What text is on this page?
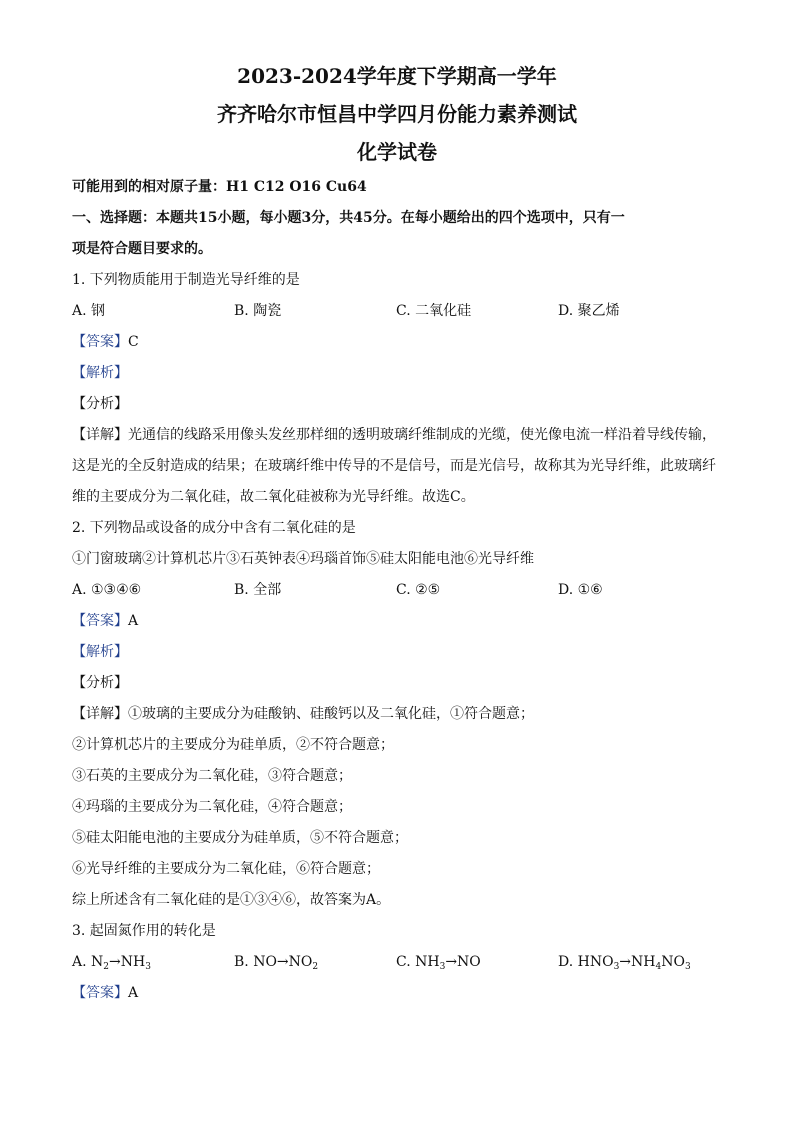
2023-2024学年度下学期高一学年

齐齐哈尔市恒昌中学四月份能力素养测试

化学试卷

可能用到的相对原子量：H1 C12 O16 Cu64

一、选择题：本题共15小题，每小题3分，共45分。在每小题给出的四个选项中，只有一

项是符合题目要求的。

1. 下列物质能用于制造光导纤维的是

A. 钢	B. 陶瓷	C. 二氧化硅	D. 聚乙烯

【答案】C

【解析】

【分析】

【详解】光通信的线路采用像头发丝那样细的透明玻璃纤维制成的光缆，使光像电流一样沿着导线传输，

这是光的全反射造成的结果；在玻璃纤维中传导的不是信号，而是光信号，故称其为光导纤维，此玻璃纤

维的主要成分为二氧化硅，故二氧化硅被称为光导纤维。故选C。

2. 下列物品或设备的成分中含有二氧化硅的是

①门窗玻璃②计算机芯片③石英钟表④玛瑙首饰⑤硅太阳能电池⑥光导纤维

A. ①③④⑥	B. 全部	C. ②⑤	D. ①⑥

【答案】A

【解析】

【分析】

【详解】①玻璃的主要成分为硅酸钠、硅酸钙以及二氧化硅，①符合题意；

②计算机芯片的主要成分为硅单质，②不符合题意；

③石英的主要成分为二氧化硅，③符合题意；

④玛瑙的主要成分为二氧化硅，④符合题意；

⑤硅太阳能电池的主要成分为硅单质，⑤不符合题意；

⑥光导纤维的主要成分为二氧化硅，⑥符合题意；

综上所述含有二氧化硅的是①③④⑥，故答案为A。

3. 起固氮作用的转化是

A. $N_2\to NH_3$	B. $NO\to NO_2$	C. $NH_3\to NO$	D. $HNO_3\to NH_4NO_3$

【答案】A
